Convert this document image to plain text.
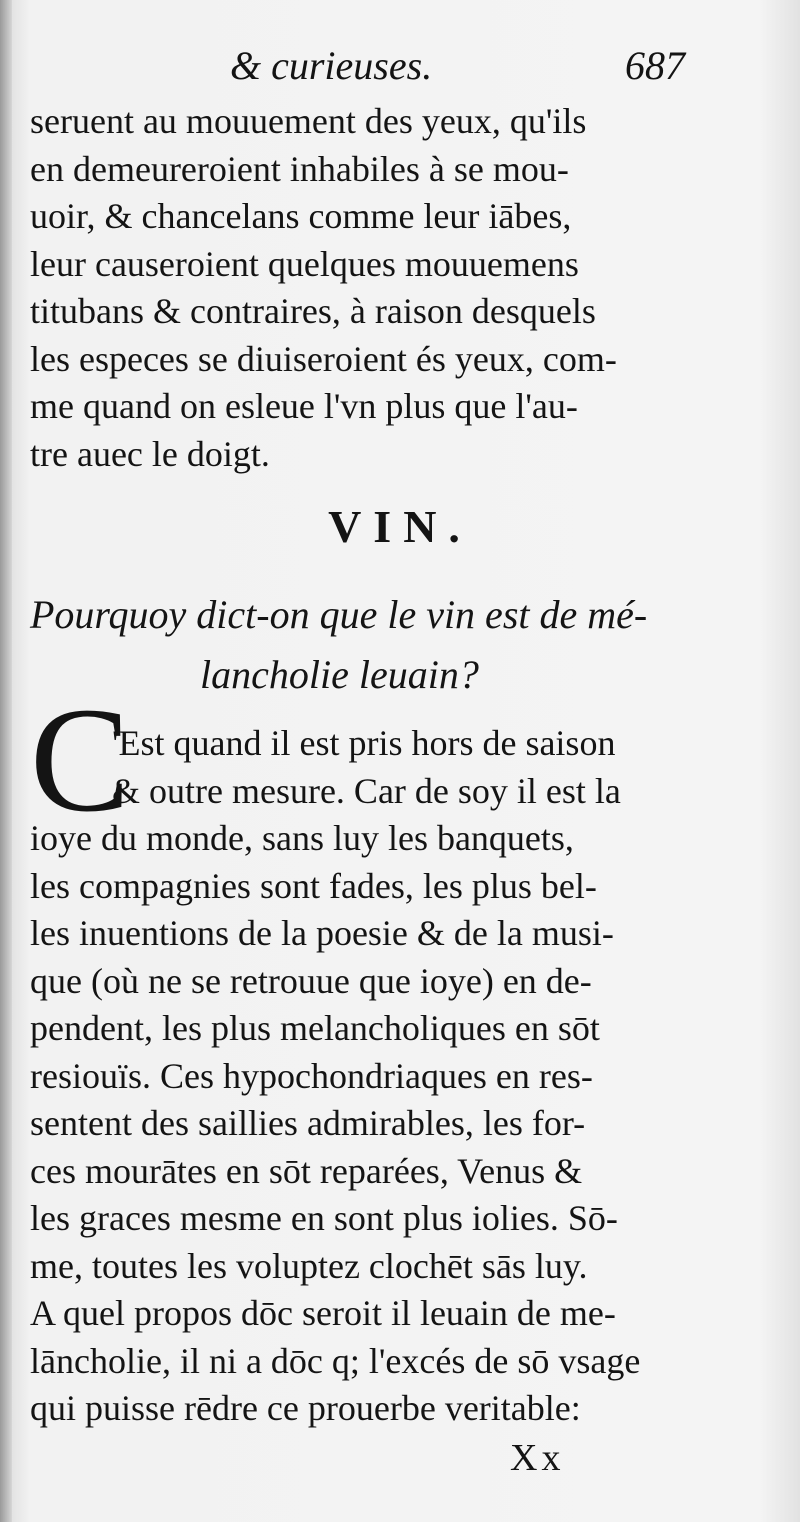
& curieuses.	687
seruent au mouuement des yeux, qu'ils
en demeureroient inhabiles à se mou-
uoir, & chancelans comme leur iābes,
leur causeroient quelques mouuemens
titubans & contraires, à raison desquels
les especes se diuiseroient és yeux, com-
me quand on esleue l'vn plus que l'au-
tre auec le doigt.
VIN.
Pourquoy dict-on que le vin est de mé-
lancholie leuain?
C
'Est quand il est pris hors de saison
& outre mesure. Car de soy il est la
ioye du monde, sans luy les banquets,
les compagnies sont fades, les plus bel-
les inuentions de la poesie & de la musi-
que (où ne se retrouue que ioye) en de-
pendent, les plus melancholiques en sōt
resiouïs. Ces hypochondriaques en res-
sentent des saillies admirables, les for-
ces mourātes en sōt reparées, Venus &
les graces mesme en sont plus iolies. Sō-
me, toutes les voluptez clochēt sās luy.
A quel propos dōc seroit il leuain de me-
lāncholie, il ni a dōc q; l'excés de sō vsage
qui puisse rēdre ce prouerbe veritable:
Xx
